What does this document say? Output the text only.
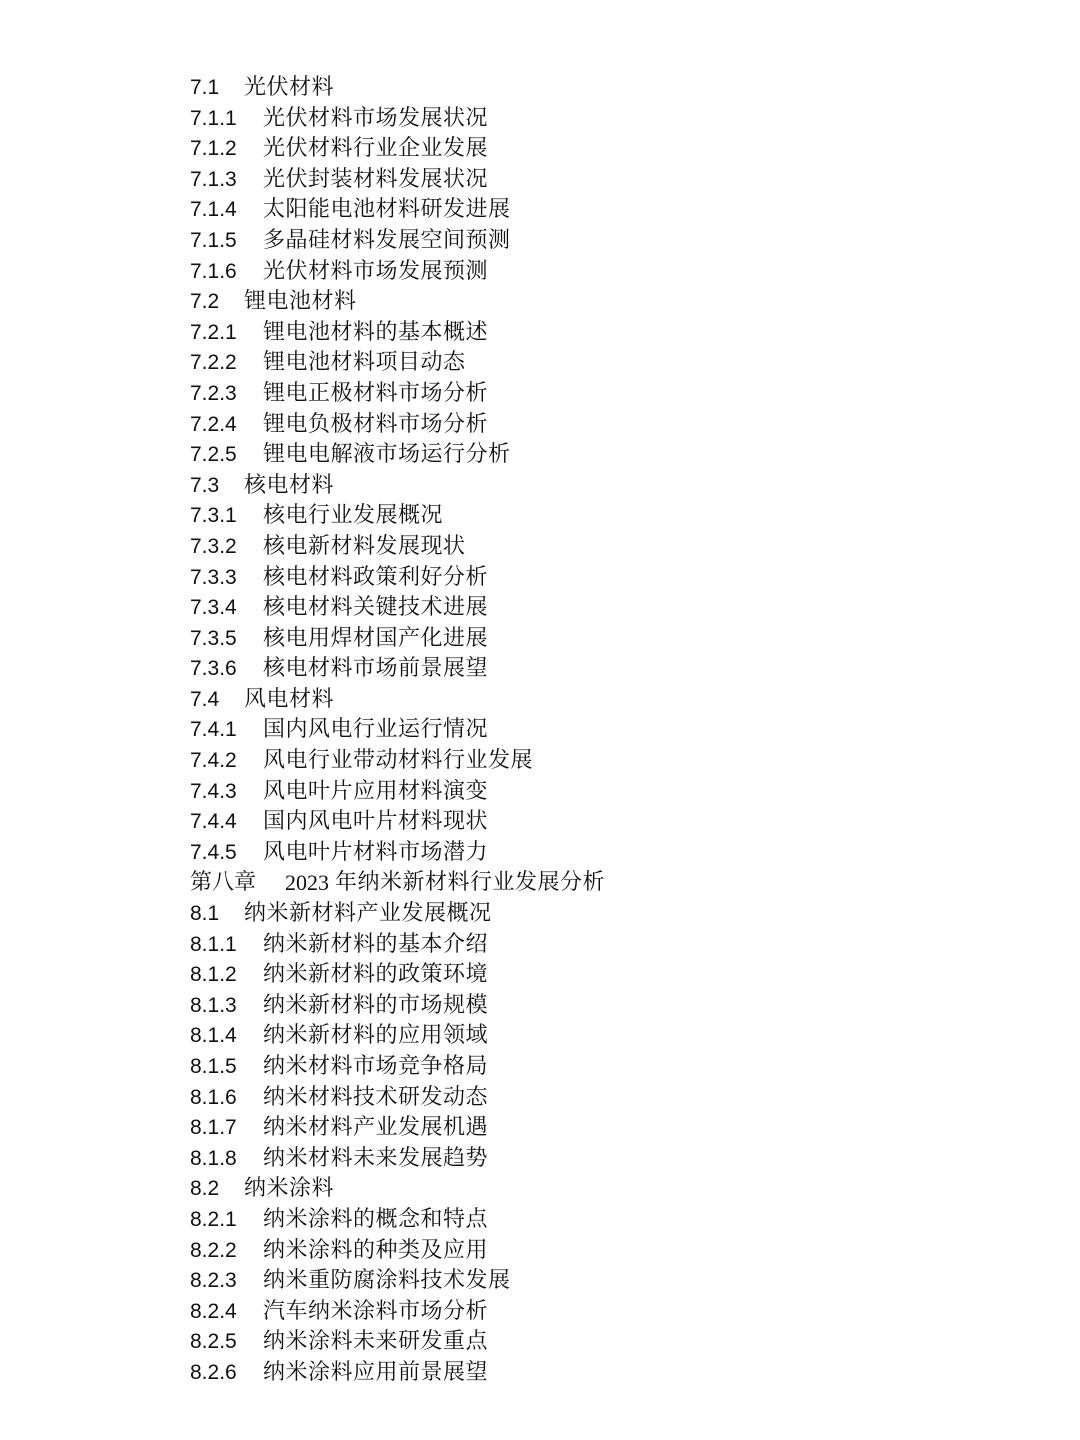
7.1	光伏材料
7.1.1	光伏材料市场发展状况
7.1.2	光伏材料行业企业发展
7.1.3	光伏封装材料发展状况
7.1.4	太阳能电池材料研发进展
7.1.5	多晶硅材料发展空间预测
7.1.6	光伏材料市场发展预测
7.2	锂电池材料
7.2.1	锂电池材料的基本概述
7.2.2	锂电池材料项目动态
7.2.3	锂电正极材料市场分析
7.2.4	锂电负极材料市场分析
7.2.5	锂电电解液市场运行分析
7.3	核电材料
7.3.1	核电行业发展概况
7.3.2	核电新材料发展现状
7.3.3	核电材料政策利好分析
7.3.4	核电材料关键技术进展
7.3.5	核电用焊材国产化进展
7.3.6	核电材料市场前景展望
7.4	风电材料
7.4.1	国内风电行业运行情况
7.4.2	风电行业带动材料行业发展
7.4.3	风电叶片应用材料演变
7.4.4	国内风电叶片材料现状
7.4.5	风电叶片材料市场潜力
第八章	2023 年纳米新材料行业发展分析
8.1	纳米新材料产业发展概况
8.1.1	纳米新材料的基本介绍
8.1.2	纳米新材料的政策环境
8.1.3	纳米新材料的市场规模
8.1.4	纳米新材料的应用领域
8.1.5	纳米材料市场竞争格局
8.1.6	纳米材料技术研发动态
8.1.7	纳米材料产业发展机遇
8.1.8	纳米材料未来发展趋势
8.2	纳米涂料
8.2.1	纳米涂料的概念和特点
8.2.2	纳米涂料的种类及应用
8.2.3	纳米重防腐涂料技术发展
8.2.4	汽车纳米涂料市场分析
8.2.5	纳米涂料未来研发重点
8.2.6	纳米涂料应用前景展望
